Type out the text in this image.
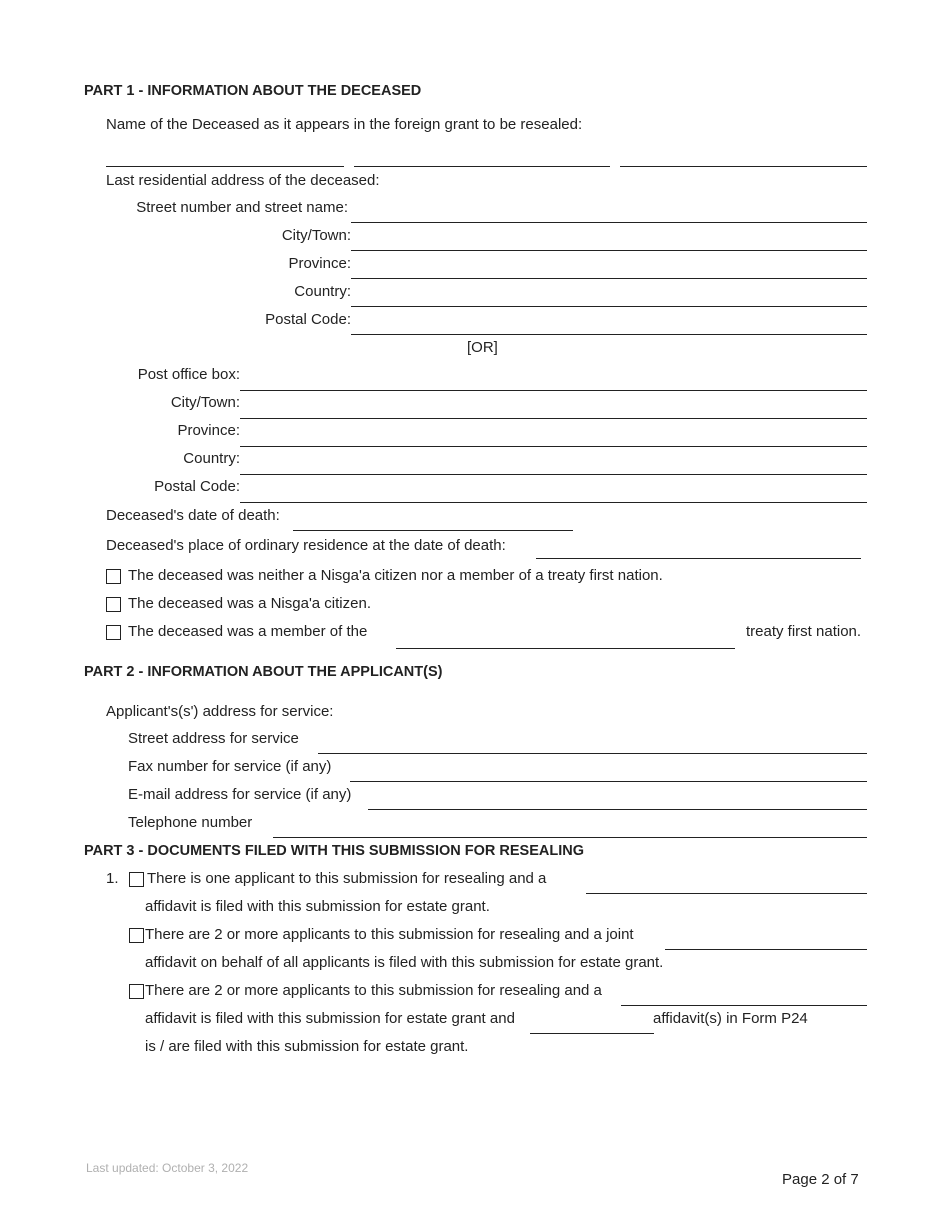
PART 1 - INFORMATION ABOUT THE DECEASED
Name of the Deceased as it appears in the foreign grant to be resealed:
Last residential address of the deceased:
Street number and street name:
City/Town:
Province:
Country:
Postal Code:
[OR]
Post office box:
City/Town:
Province:
Country:
Postal Code:
Deceased's date of death:
Deceased's place of ordinary residence at the date of death:
The deceased was neither a Nisga'a citizen nor a member of a treaty first nation.
The deceased was a Nisga'a citizen.
The deceased was a member of the	treaty first nation.
PART 2 - INFORMATION ABOUT THE APPLICANT(S)
Applicant's(s') address for service:
Street address for service
Fax number for service (if any)
E-mail address for service (if any)
Telephone number
PART 3 - DOCUMENTS FILED WITH THIS SUBMISSION FOR RESEALING
1. There is one applicant to this submission for resealing and a
affidavit is filed with this submission for estate grant.
There are 2 or more applicants to this submission for resealing and a joint
affidavit on behalf of all applicants is filed with this submission for estate grant.
There are 2 or more applicants to this submission for resealing and a
affidavit is filed with this submission for estate grant and	affidavit(s) in Form P24
is / are filed with this submission for estate grant.
Last updated: October 3, 2022
Page 2 of 7
